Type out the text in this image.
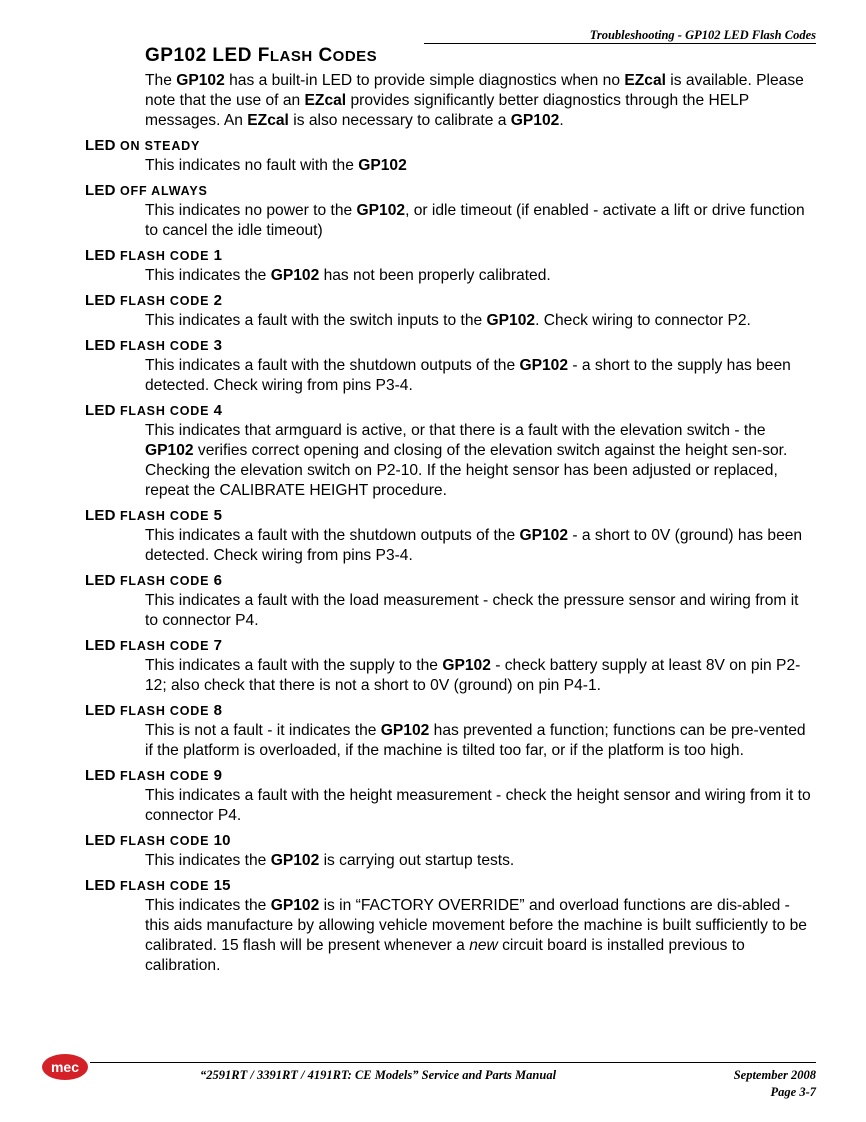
Troubleshooting - GP102 LED Flash Codes
GP102 LED FLASH CODES
The GP102 has a built-in LED to provide simple diagnostics when no EZcal is available. Please note that the use of an EZcal provides significantly better diagnostics through the HELP messages. An EZcal is also necessary to calibrate a GP102.
LED ON STEADY
This indicates no fault with the GP102
LED OFF ALWAYS
This indicates no power to the GP102, or idle timeout (if enabled - activate a lift or drive function to cancel the idle timeout)
LED FLASH CODE 1
This indicates the GP102 has not been properly calibrated.
LED FLASH CODE 2
This indicates a fault with the switch inputs to the GP102. Check wiring to connector P2.
LED FLASH CODE 3
This indicates a fault with the shutdown outputs of the GP102 - a short to the supply has been detected. Check wiring from pins P3-4.
LED FLASH CODE 4
This indicates that armguard is active, or that there is a fault with the elevation switch - the GP102 verifies correct opening and closing of the elevation switch against the height sen-sor. Checking the elevation switch on P2-10. If the height sensor has been adjusted or replaced, repeat the CALIBRATE HEIGHT procedure.
LED FLASH CODE 5
This indicates a fault with the shutdown outputs of the GP102 - a short to 0V (ground) has been detected. Check wiring from pins P3-4.
LED FLASH CODE 6
This indicates a fault with the load measurement - check the pressure sensor and wiring from it to connector P4.
LED FLASH CODE 7
This indicates a fault with the supply to the GP102 - check battery supply at least 8V on pin P2-12; also check that there is not a short to 0V (ground) on pin P4-1.
LED FLASH CODE 8
This is not a fault - it indicates the GP102 has prevented a function; functions can be pre-vented if the platform is overloaded, if the machine is tilted too far, or if the platform is too high.
LED FLASH CODE 9
This indicates a fault with the height measurement - check the height sensor and wiring from it to connector P4.
LED FLASH CODE 10
This indicates the GP102 is carrying out startup tests.
LED FLASH CODE 15
This indicates the GP102 is in “FACTORY OVERRIDE” and overload functions are dis-abled - this aids manufacture by allowing vehicle movement before the machine is built sufficiently to be calibrated. 15 flash will be present whenever a new circuit board is installed previous to calibration.
mec	“2591RT / 3391RT / 4191RT: CE Models” Service and Parts Manual	September 2008
Page 3-7
